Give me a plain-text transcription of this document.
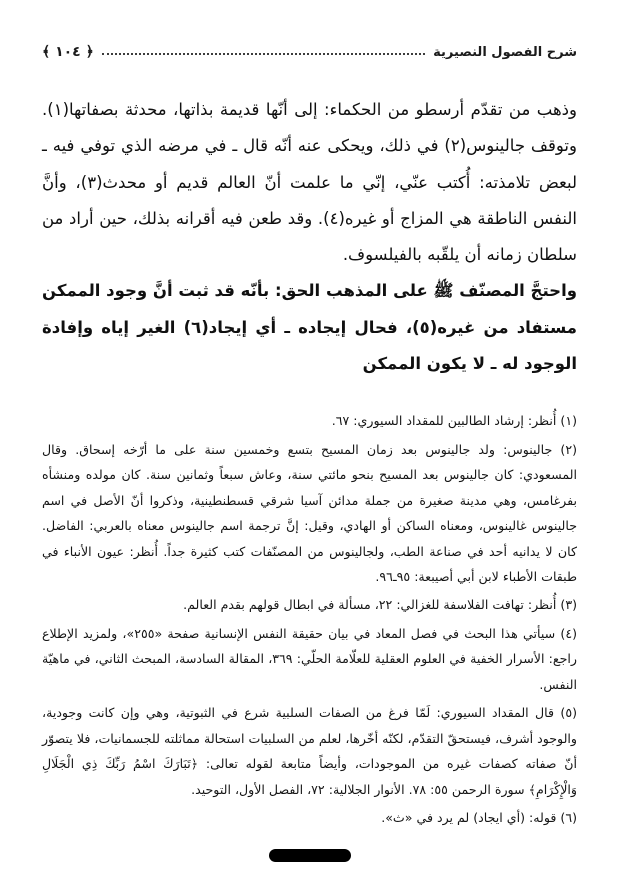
شرح الفصول النصيرية
﴿ ١٠٤ ﴾

وذهب من تقدّم أرسطو من الحكماء: إلى أنّها قديمة بذاتها، محدثة بصفاتها(١). وتوقف جالينوس(٢) في ذلك، ويحكى عنه أنّه قال ـ في مرضه الذي توفي فيه ـ لبعض تلامذته: أُكتب عنّي، إنّي ما علمت أنّ العالم قديم أو محدث(٣)، وأنَّ النفس الناطقة هي المزاج أو غيره(٤). وقد طعن فيه أقرانه بذلك، حين أراد من سلطان زمانه أن يلقّبه بالفيلسوف.

واحتجَّ المصنّف ﷺ على المذهب الحق: بأنّه قد ثبت أنَّ وجود الممكن مستفاد من غيره(٥)، فحال إيجاده ـ أي إيجاد(٦) الغير إياه وإفادة الوجود له ـ لا يكون الممكن

(١) أُنظر: إرشاد الطالبين للمقداد السيوري: ٦٧.

(٢) جالينوس: ولد جالينوس بعد زمان المسيح بتسع وخمسين سنة على ما أرّخه إسحاق. وقال المسعودي: كان جالينوس بعد المسيح بنحو مائتي سنة، وعاش سبعاً وثمانين سنة. كان مولده ومنشأه بفرغامس، وهي مدينة صغيرة من جملة مدائن آسيا شرقي قسطنطينية، وذكروا أنّ الأصل في اسم جالينوس غالينوس، ومعناه الساكن أو الهادي، وقيل: إنَّ ترجمة اسم جالينوس معناه بالعربي: الفاضل. كان لا يدانيه أحد في صناعة الطب، ولجالينوس من المصنّفات كتب كثيرة جداً. أُنظر: عيون الأنباء في طبقات الأطباء لابن أبي أصيبعة: ٩٥ـ٩٦.

(٣) أُنظر: تهافت الفلاسفة للغزالي: ٢٢، مسألة في ابطال قولهم بقدم العالم.

(٤) سيأتي هذا البحث في فصل المعاد في بيان حقيقة النفس الإنسانية صفحة «٢٥٥»، ولمزيد الإطلاع راجع: الأسرار الخفية في العلوم العقلية للعلّامة الحلّي: ٣٦٩، المقالة السادسة، المبحث الثاني، في ماهيّة النفس.

(٥) قال المقداد السيوري: لَمّا فرغ من الصفات السلبية شرع في الثبوتية، وهي وإن كانت وجودية، والوجود أشرف، فيستحقّ التقدّم، لكنّه أخّرها، لعلم من السلبيات استحالة مماثلته للجسمانيات، فلا يتصوّر أنّ صفاته كصفات غيره من الموجودات، وأيضاً متابعة لقوله تعالى: ﴿تَبَارَكَ اسْمُ رَبِّكَ ذِي الْجَلَالِ وَالْإِكْرَامِ﴾ سورة الرحمن ٥٥: ٧٨. الأنوار الجلالية: ٧٢، الفصل الأول، التوحيد.

(٦) قوله: (أي ايجاد) لم يرد في «ث».
